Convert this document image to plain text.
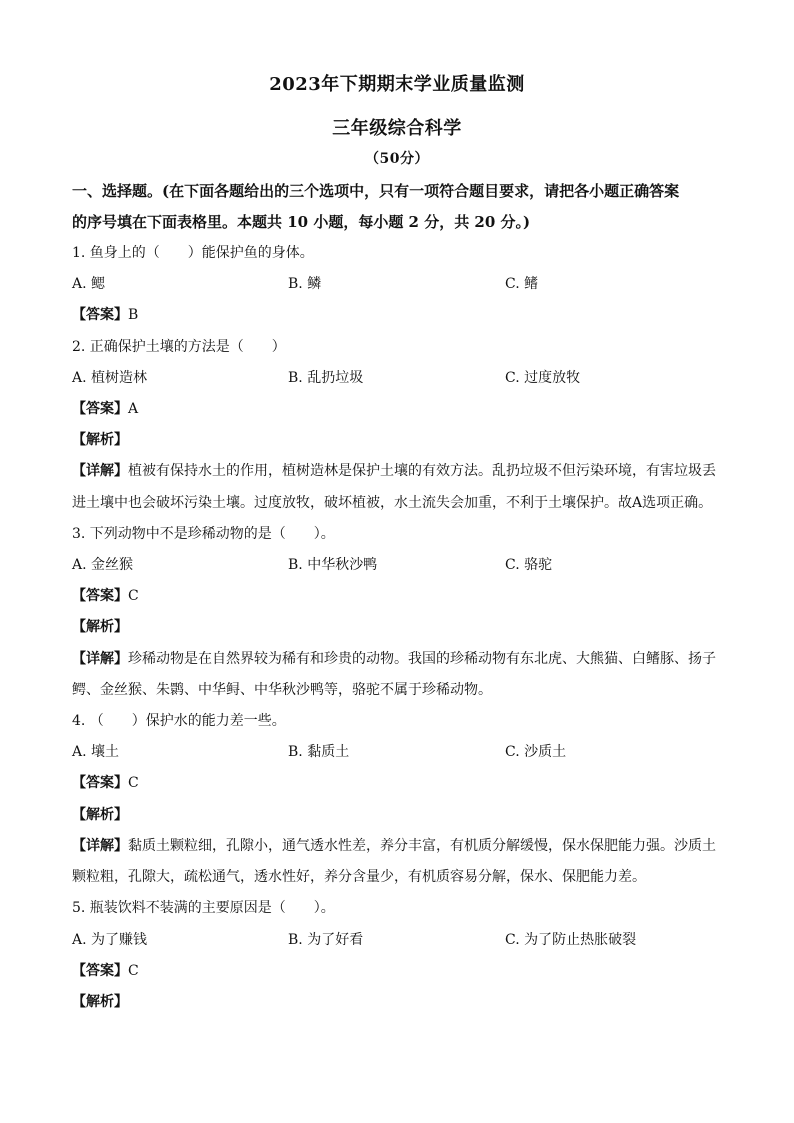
2023年下期期末学业质量监测
三年级综合科学
（50分）
一、选择题。(在下面各题给出的三个选项中，只有一项符合题目要求，请把各小题正确答案
的序号填在下面表格里。本题共 10 小题，每小题 2 分，共 20 分。)
1. 鱼身上的（　　）能保护鱼的身体。
A. 鳃	B. 鳞	C. 鳍
【答案】B
2. 正确保护土壤的方法是（　　）
A. 植树造林	B. 乱扔垃圾	C. 过度放牧
【答案】A
【解析】
【详解】植被有保持水土的作用，植树造林是保护土壤的有效方法。乱扔垃圾不但污染环境，有害垃圾丢
进土壤中也会破坏污染土壤。过度放牧，破坏植被，水土流失会加重，不利于土壤保护。故A选项正确。
3. 下列动物中不是珍稀动物的是（　　）。
A. 金丝猴	B. 中华秋沙鸭	C. 骆驼
【答案】C
【解析】
【详解】珍稀动物是在自然界较为稀有和珍贵的动物。我国的珍稀动物有东北虎、大熊猫、白鳍豚、扬子
鳄、金丝猴、朱鹮、中华鲟、中华秋沙鸭等，骆驼不属于珍稀动物。
4. （　　）保护水的能力差一些。
A. 壤土	B. 黏质土	C. 沙质土
【答案】C
【解析】
【详解】黏质土颗粒细，孔隙小，通气透水性差，养分丰富，有机质分解缓慢，保水保肥能力强。沙质土
颗粒粗，孔隙大，疏松通气，透水性好，养分含量少，有机质容易分解，保水、保肥能力差。
5. 瓶装饮料不装满的主要原因是（　　）。
A. 为了赚钱	B. 为了好看	C. 为了防止热胀破裂
【答案】C
【解析】
